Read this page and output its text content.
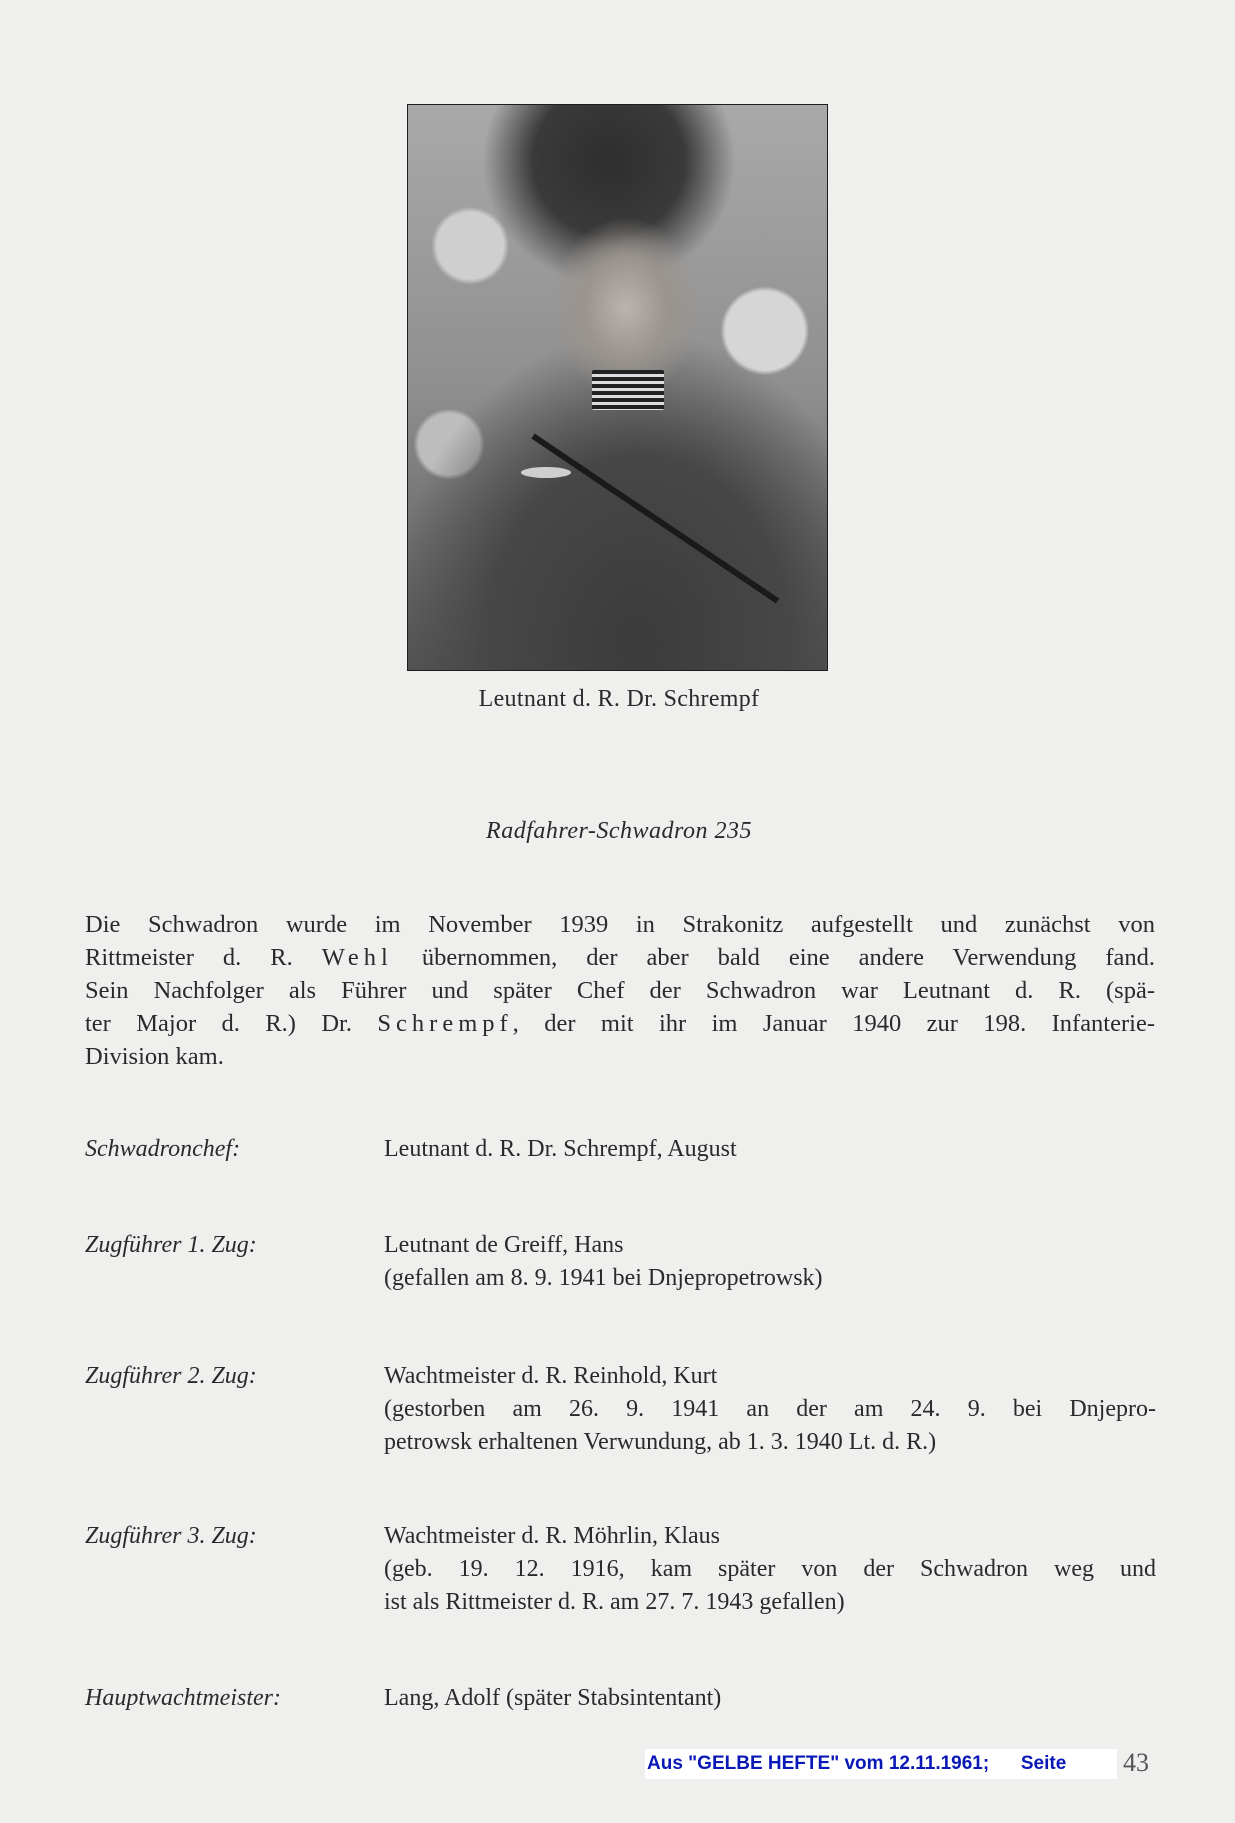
Leutnant d. R. Dr. Schrempf
Radfahrer-Schwadron 235
Die Schwadron wurde im November 1939 in Strakonitz aufgestellt und zunächst von
Rittmeister d. R. Wehl übernommen, der aber bald eine andere Verwendung fand.
Sein Nachfolger als Führer und später Chef der Schwadron war Leutnant d. R. (spä-
ter Major d. R.) Dr. Schrempf, der mit ihr im Januar 1940 zur 198. Infanterie-
Division kam.
Schwadronchef:	Leutnant d. R. Dr. Schrempf, August
Zugführer 1. Zug:	Leutnant de Greiff, Hans
(gefallen am 8. 9. 1941 bei Dnjepropetrowsk)
Zugführer 2. Zug:	Wachtmeister d. R. Reinhold, Kurt
(gestorben am 26. 9. 1941 an der am 24. 9. bei Dnjepro-
petrowsk erhaltenen Verwundung, ab 1. 3. 1940 Lt. d. R.)
Zugführer 3. Zug:	Wachtmeister d. R. Möhrlin, Klaus
(geb. 19. 12. 1916, kam später von der Schwadron weg und
ist als Rittmeister d. R. am 27. 7. 1943 gefallen)
Hauptwachtmeister:	Lang, Adolf (später Stabsintentant)
Aus "GELBE HEFTE" vom 12.11.1961;      Seite	43
